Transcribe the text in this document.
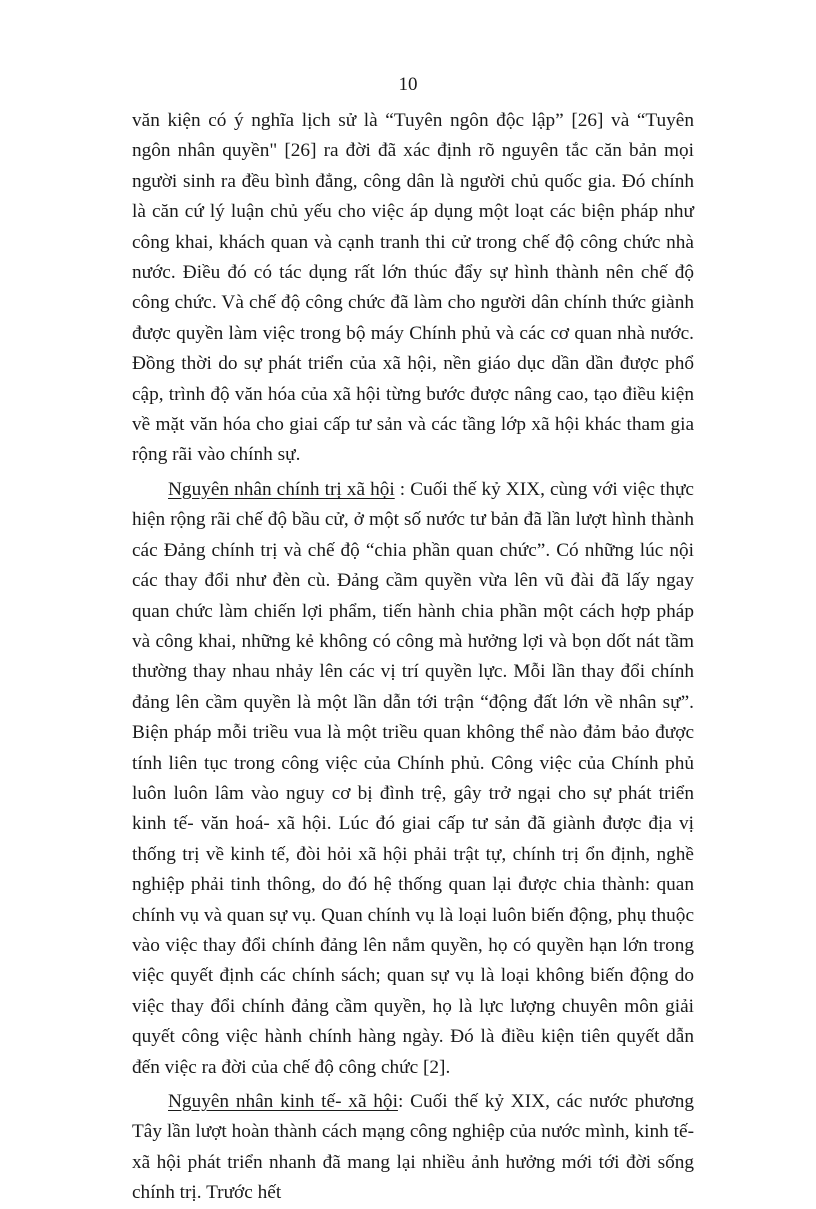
10

văn kiện có ý nghĩa lịch sử là “Tuyên ngôn độc lập” [26] và “Tuyên ngôn nhân quyền" [26] ra đời đã xác định rõ nguyên tắc căn bản mọi người sinh ra đều bình đẳng, công dân là người chủ quốc gia. Đó chính là căn cứ lý luận chủ yếu cho việc áp dụng một loạt các biện pháp như công khai, khách quan và cạnh tranh thi cử trong chế độ công chức nhà nước. Điều đó có tác dụng rất lớn thúc đẩy sự hình thành nên chế độ công chức. Và chế độ công chức đã làm cho người dân chính thức giành được quyền làm việc trong bộ máy Chính phủ và các cơ quan nhà nước. Đồng thời do sự phát triển của xã hội, nền giáo dục dần dần được phổ cập, trình độ văn hóa của xã hội từng bước được nâng cao, tạo điều kiện về mặt văn hóa cho giai cấp tư sản và các tầng lớp xã hội khác tham gia rộng rãi vào chính sự.

Nguyên nhân chính trị xã hội : Cuối thế kỷ XIX, cùng với việc thực hiện rộng rãi chế độ bầu cử, ở một số nước tư bản đã lần lượt hình thành các Đảng chính trị và chế độ “chia phần quan chức”. Có những lúc nội các thay đổi như đèn cù. Đảng cầm quyền vừa lên vũ đài đã lấy ngay quan chức làm chiến lợi phẩm, tiến hành chia phần một cách hợp pháp và công khai, những kẻ không có công mà hưởng lợi và bọn dốt nát tầm thường thay nhau nhảy lên các vị trí quyền lực. Mỗi lần thay đổi chính đảng lên cầm quyền là một lần dẫn tới trận “động đất lớn về nhân sự”. Biện pháp mỗi triều vua là một triều quan không thể nào đảm bảo được tính liên tục trong công việc của Chính phủ. Công việc của Chính phủ luôn luôn lâm vào nguy cơ bị đình trệ, gây trở ngại cho sự phát triển kinh tế- văn hoá- xã hội. Lúc đó giai cấp tư sản đã giành được địa vị thống trị về kinh tế, đòi hỏi xã hội phải trật tự, chính trị ổn định, nghề nghiệp phải tinh thông, do đó hệ thống quan lại được chia thành: quan chính vụ và quan sự vụ. Quan chính vụ là loại luôn biến động, phụ thuộc vào việc thay đổi chính đảng lên nắm quyền, họ có quyền hạn lớn trong việc quyết định các chính sách; quan sự vụ là loại không biến động do việc thay đổi chính đảng cầm quyền, họ là lực lượng chuyên môn giải quyết công việc hành chính hàng ngày. Đó là điều kiện tiên quyết dẫn đến việc ra đời của chế độ công chức [2].

Nguyên nhân kinh tế- xã hội: Cuối thế kỷ XIX, các nước phương Tây lần lượt hoàn thành cách mạng công nghiệp của nước mình, kinh tế- xã hội phát triển nhanh đã mang lại nhiều ảnh hưởng mới tới đời sống chính trị. Trước hết
